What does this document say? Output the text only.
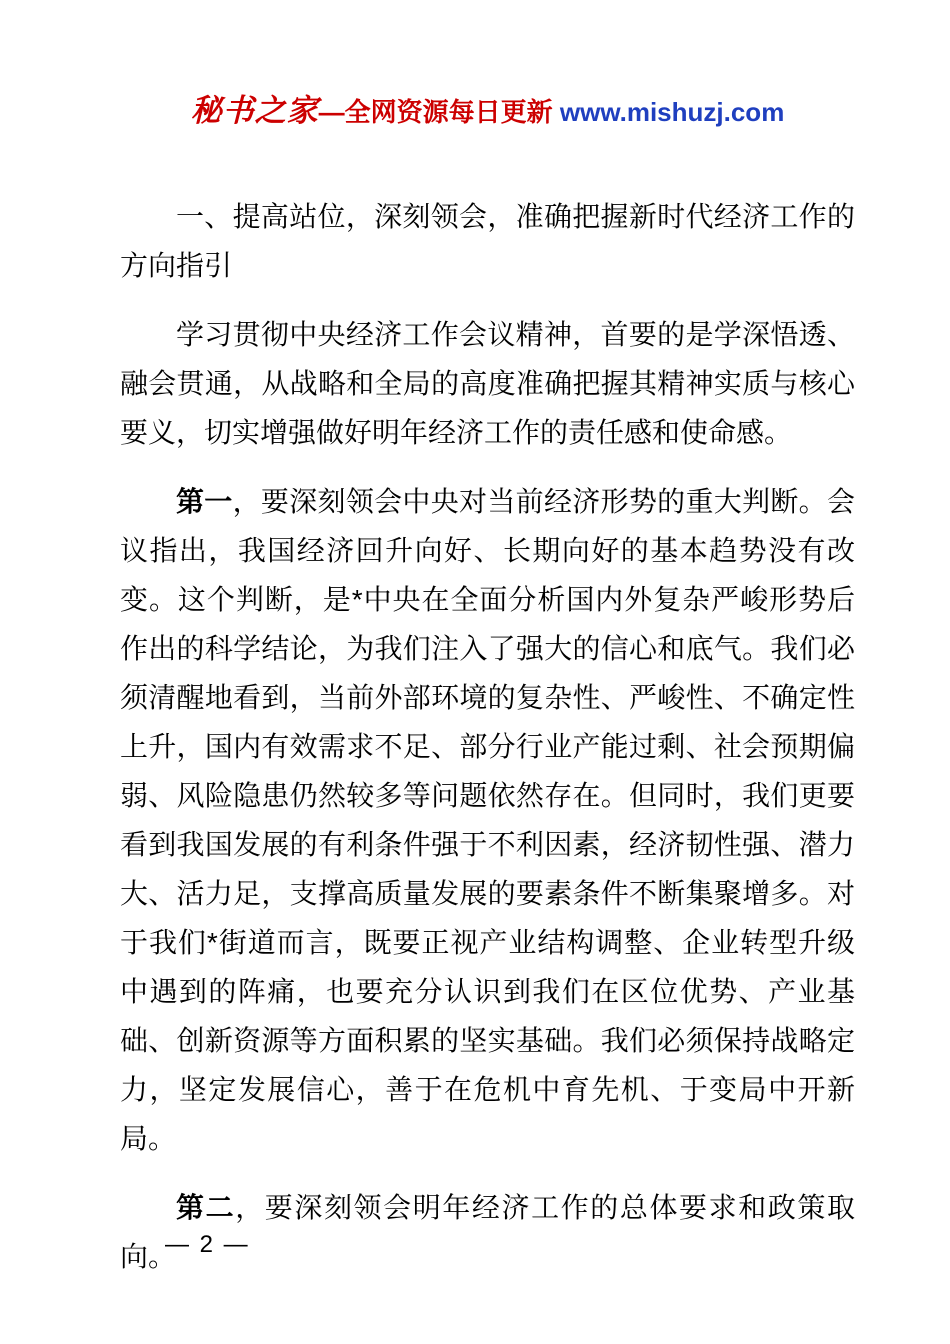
秘书之家—全网资源每日更新 www.mishuzj.com
一、提高站位，深刻领会，准确把握新时代经济工作的方向指引

学习贯彻中央经济工作会议精神，首要的是学深悟透、融会贯通，从战略和全局的高度准确把握其精神实质与核心要义，切实增强做好明年经济工作的责任感和使命感。

第一，要深刻领会中央对当前经济形势的重大判断。会议指出，我国经济回升向好、长期向好的基本趋势没有改变。这个判断，是*中央在全面分析国内外复杂严峻形势后作出的科学结论，为我们注入了强大的信心和底气。我们必须清醒地看到，当前外部环境的复杂性、严峻性、不确定性上升，国内有效需求不足、部分行业产能过剩、社会预期偏弱、风险隐患仍然较多等问题依然存在。但同时，我们更要看到我国发展的有利条件强于不利因素，经济韧性强、潜力大、活力足，支撑高质量发展的要素条件不断集聚增多。对于我们*街道而言，既要正视产业结构调整、企业转型升级中遇到的阵痛，也要充分认识到我们在区位优势、产业基础、创新资源等方面积累的坚实基础。我们必须保持战略定力，坚定发展信心，善于在危机中育先机、于变局中开新局。

第二，要深刻领会明年经济工作的总体要求和政策取向。

— 2 —
